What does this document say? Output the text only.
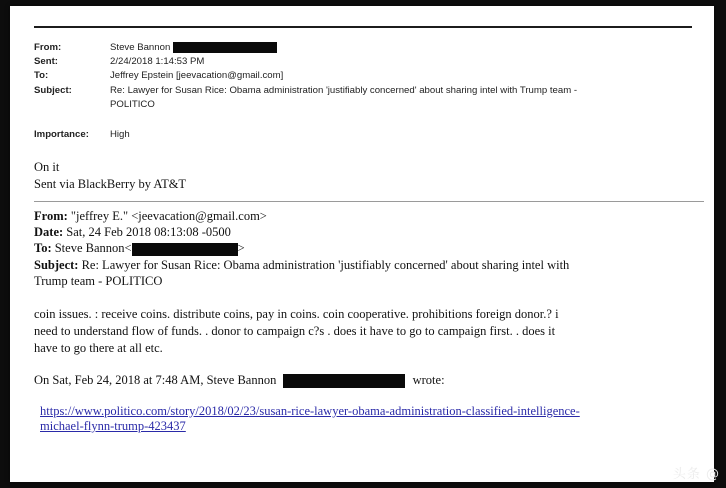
From:	Steve Bannon
Sent:	2/24/2018 1:14:53 PM
To:	Jeffrey Epstein [jeevacation@gmail.com]
Subject:	Re: Lawyer for Susan Rice: Obama administration 'justifiably concerned' about sharing intel with Trump team -
POLITICO
Importance: High
On it
Sent via BlackBerry by AT&T
From: "jeffrey E." <jeevacation@gmail.com>
Date: Sat, 24 Feb 2018 08:13:08 -0500
To: Steve Bannon<	>
Subject: Re: Lawyer for Susan Rice: Obama administration 'justifiably concerned' about sharing intel with
Trump team - POLITICO
coin issues. : receive coins. distribute coins, pay in coins. coin cooperative. prohibitions foreign donor.? i
need to understand flow of funds. . donor to campaign c?s . does it have to go to campaign first. . does it
have to go there at all etc.
On Sat, Feb 24, 2018 at 7:48 AM, Steve Bannon	wrote:
https://www.politico.com/story/2018/02/23/susan-rice-lawyer-obama-administration-classified-intelligence-
michael-flynn-trump-423437
头条 @
